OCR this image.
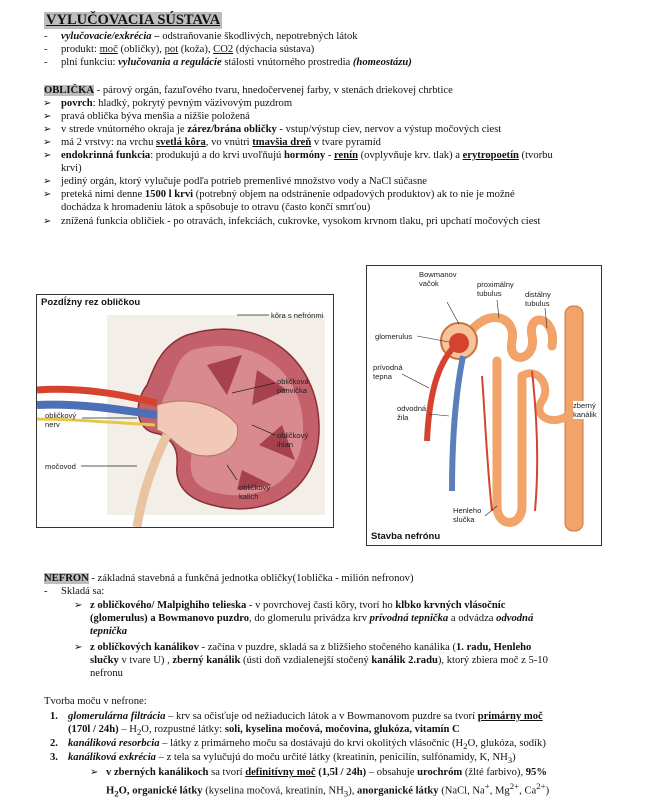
VYLUČOVACIA SÚSTAVA
- vylučovacie/exkrécia – odstraňovanie škodlivých, nepotrebných látok
- produkt: moč (obličky), pot (koža), CO2 (dýchacia sústava)
- plní funkciu: vylučovania a regulácie stálosti vnútorného prostredia (homeostázu)
OBLIČKA - párový orgán, fazuľového tvaru, hnedočervenej farby, v stenách driekovej chrbtice
➢ povrch: hladký, pokrytý pevným väzivovým puzdrom
➢ pravá oblička býva menšia a nižšie položená
➢ v strede vnútorného okraja je zárez/brána obličky - vstup/výstup ciev, nervov a výstup močových ciest
➢ má 2 vrstvy: na vrchu svetlá kôra, vo vnútri tmavšia dreň v tvare pyramíd
➢ endokrinná funkcia: produkujú a do krvi uvoľňujú hormóny - renín (ovplyvňuje krv. tlak) a erytropoetín (tvorbu
krvi)
➢ jediný orgán, ktorý vylučuje podľa potrieb premenlivé množstvo vody a NaCl súčasne
➢ preteká nimi denne 1500 l krvi (potrebný objem na odstránenie odpadových produktov) ak to nie je možné
dochádza k hromadeniu látok a spôsobuje to otravu (často končí smrťou)
➢ znížená funkcia obličiek - po otravách, infekciách, cukrovke, vysokom krvnom tlaku, pri upchatí močových ciest
Pozdĺžny rez obličkou
kôra s nefrónmi
obličková
panvička
obličkový
ihlan
obličkový
kalich
obličkový
nerv
močovod
Bowmanov
vačok	proximálny
tubulus	distálny
tubulus
glomerulus
prívodná
tepna
odvodná
žila
zberný
kanálik
Henleho
slučka
Stavba nefrónu
NEFRON - základná stavebná a funkčná jednotka obličky(1oblička - milión nefronov)
- Skladá sa:
➢ z obličkového/ Malpighiho telieska - v povrchovej časti kôry, tvorí ho klbko krvných vlásočníc
(glomerulus) a Bowmanovo puzdro, do glomerulu privádza krv prívodná tepnička a odvádza odvodná
tepnička
➢ z obličkových kanálikov - začína v puzdre, skladá sa z bližšieho stočeného kanálika (1. radu, Henleho
slučky v tvare U) , zberný kanálik (ústi doň vzdialenejší stočený kanálik 2.radu), ktorý zbiera moč z 5-10
nefronu
Tvorba moču v nefrone:
1. glomerulárna filtrácia – krv sa očisťuje od nežiaducich látok a v Bowmanovom puzdre sa tvorí primárny moč
$(170l / 24h) - H_2O$, rozpustné látky: soli, kyselina močová, močovina, glukóza, vitamín C
2. kanáliková resorbcia – látky z primárneho moču sa dostávajú do krvi okolitých vlásočníc ($H_2O$, glukóza, sodík)
3. kanáliková exkrécia – z tela sa vylučujú do moču určité látky (kreatinín, penicilín, sulfónamidy, K, $NH_3$)
➢ v zberných kanálikoch sa tvorí definitívny moč (1,5l / 24h) – obsahuje urochróm (žlté farbivo), 95%
$H_2O$, organické látky (kyselina močová, kreatinín, $NH_3$), anorganické látky (NaCl, Na+, $Mg^{2+}$, $Ca^{2+}$)
